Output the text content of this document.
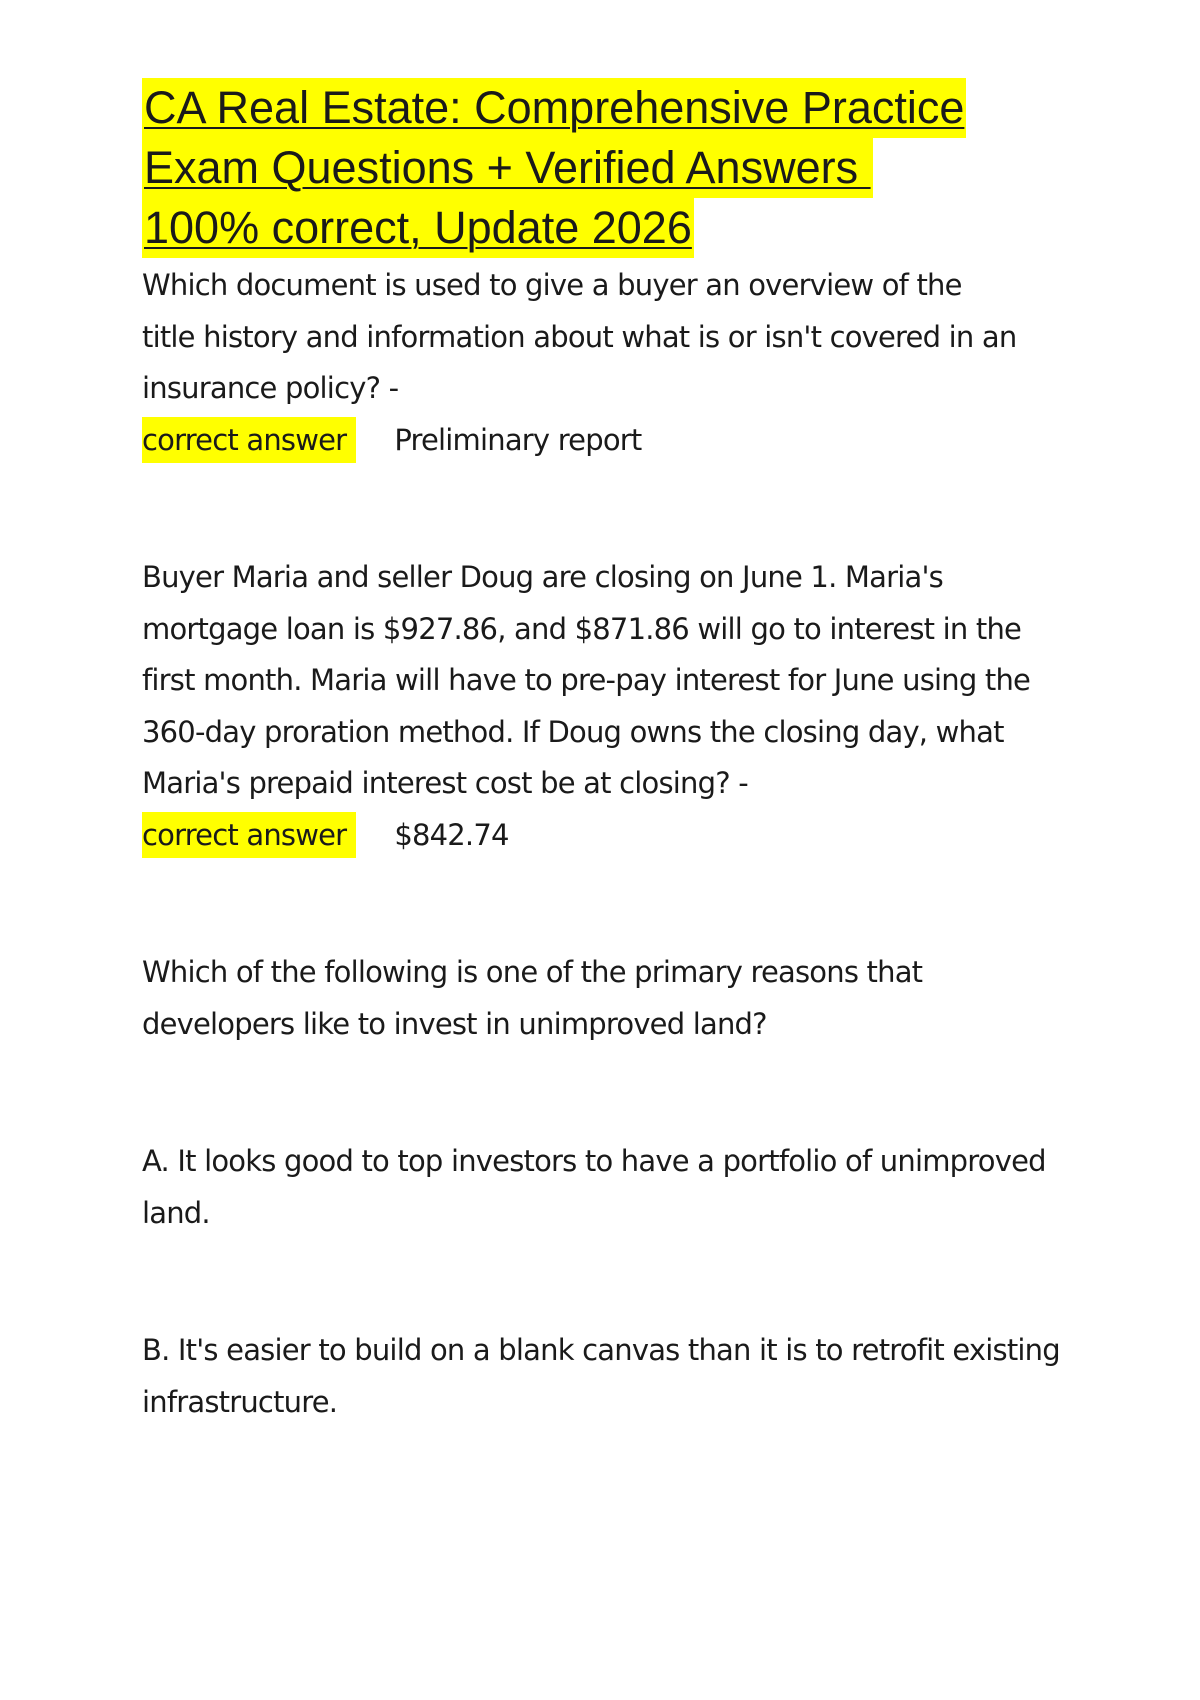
CA Real Estate: Comprehensive Practice
Exam Questions + Verified Answers
100% correct, Update 2026

Which document is used to give a buyer an overview of the title history and information about what is or isn't covered in an insurance policy? -

correct answer Preliminary report

Buyer Maria and seller Doug are closing on June 1. Maria's mortgage loan is $927.86, and $871.86 will go to interest in the first month. Maria will have to pre-pay interest for June using the 360-day proration method. If Doug owns the closing day, what Maria's prepaid interest cost be at closing? -

correct answer $842.74

Which of the following is one of the primary reasons that developers like to invest in unimproved land?

A. It looks good to top investors to have a portfolio of unimproved land.

B. It's easier to build on a blank canvas than it is to retrofit existing infrastructure.
